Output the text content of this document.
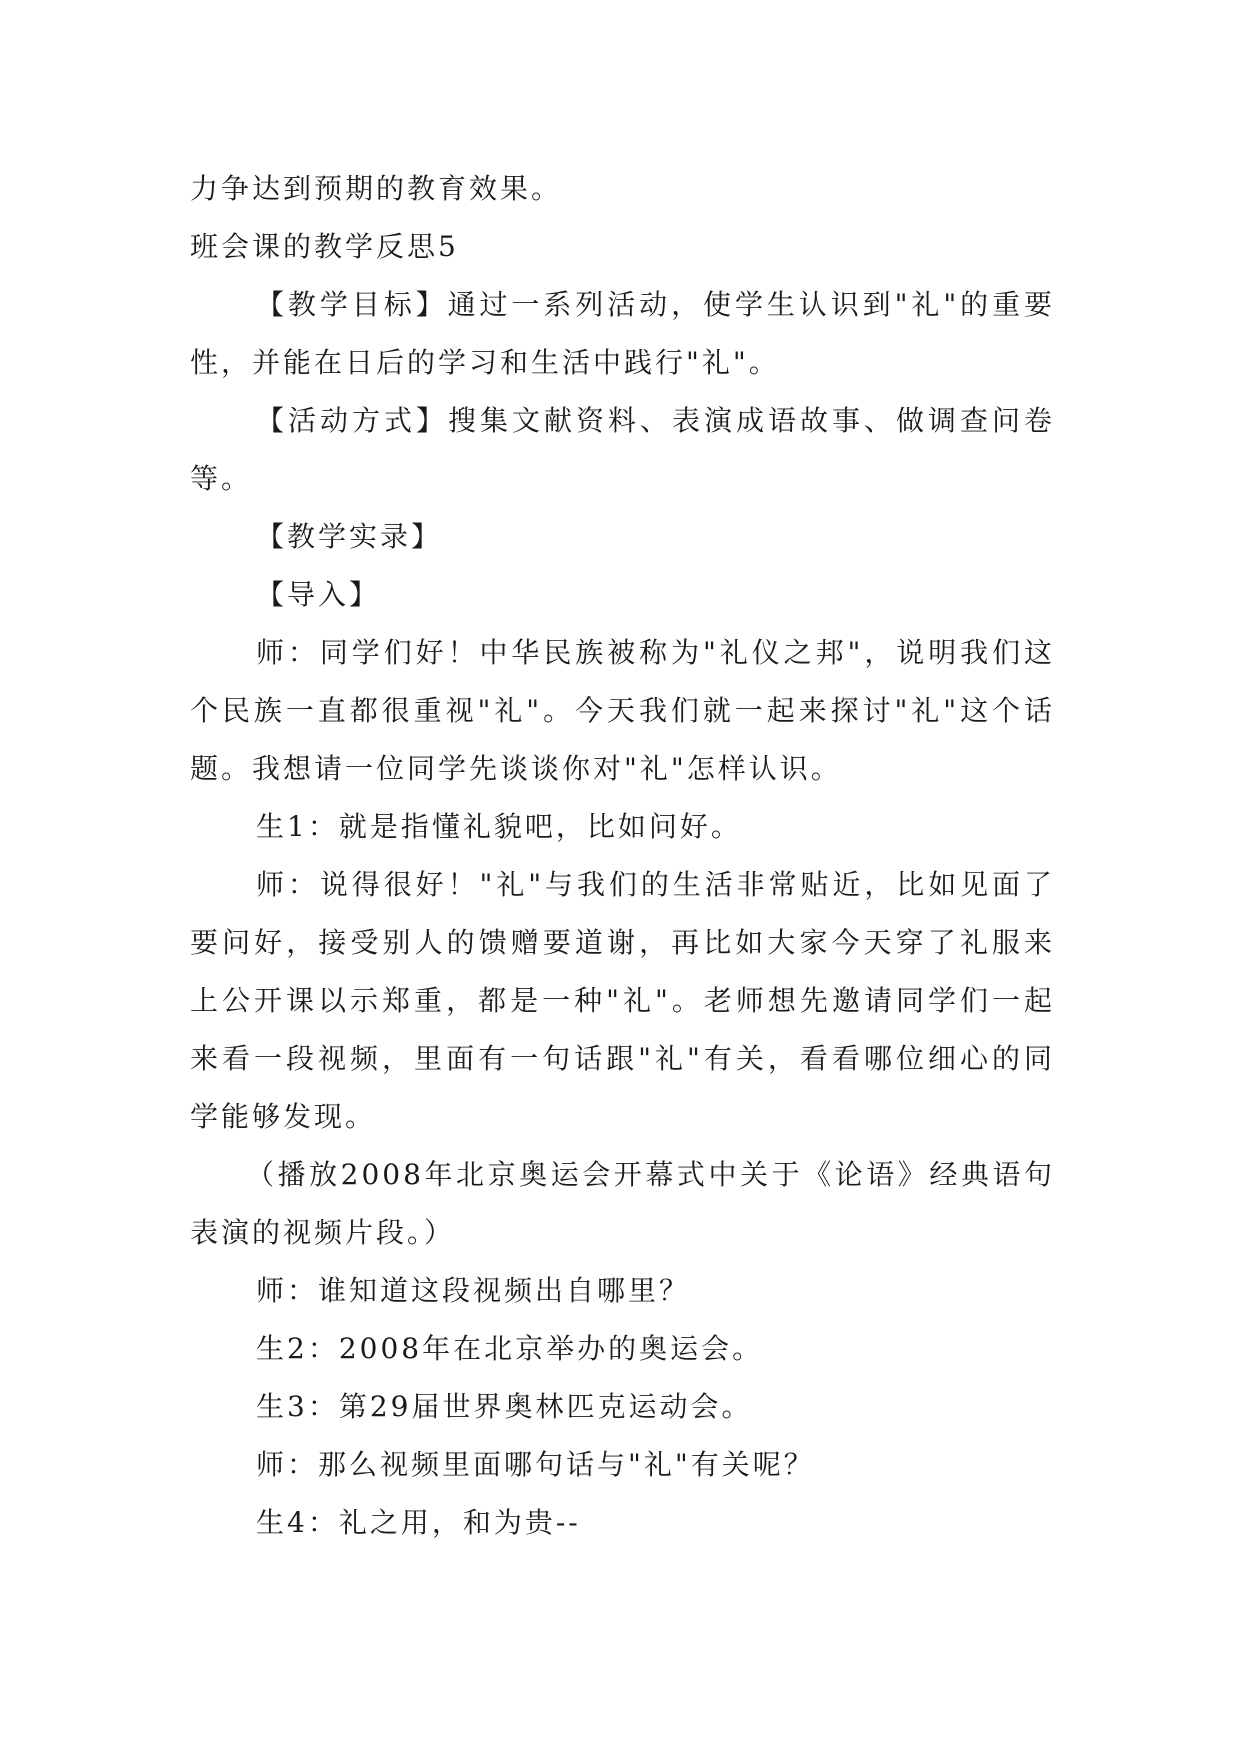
力争达到预期的教育效果。

班会课的教学反思5

【教学目标】通过一系列活动，使学生认识到"礼"的重要性，并能在日后的学习和生活中践行"礼"。

【活动方式】搜集文献资料、表演成语故事、做调查问卷等。

【教学实录】

【导入】

师：同学们好！中华民族被称为"礼仪之邦"，说明我们这个民族一直都很重视"礼"。今天我们就一起来探讨"礼"这个话题。我想请一位同学先谈谈你对"礼"怎样认识。

生1：就是指懂礼貌吧，比如问好。

师：说得很好！"礼"与我们的生活非常贴近，比如见面了要问好，接受别人的馈赠要道谢，再比如大家今天穿了礼服来上公开课以示郑重，都是一种"礼"。老师想先邀请同学们一起来看一段视频，里面有一句话跟"礼"有关，看看哪位细心的同学能够发现。

（播放2008年北京奥运会开幕式中关于《论语》经典语句表演的视频片段。）

师：谁知道这段视频出自哪里？

生2：2008年在北京举办的奥运会。

生3：第29届世界奥林匹克运动会。

师：那么视频里面哪句话与"礼"有关呢？

生4：礼之用，和为贵--
